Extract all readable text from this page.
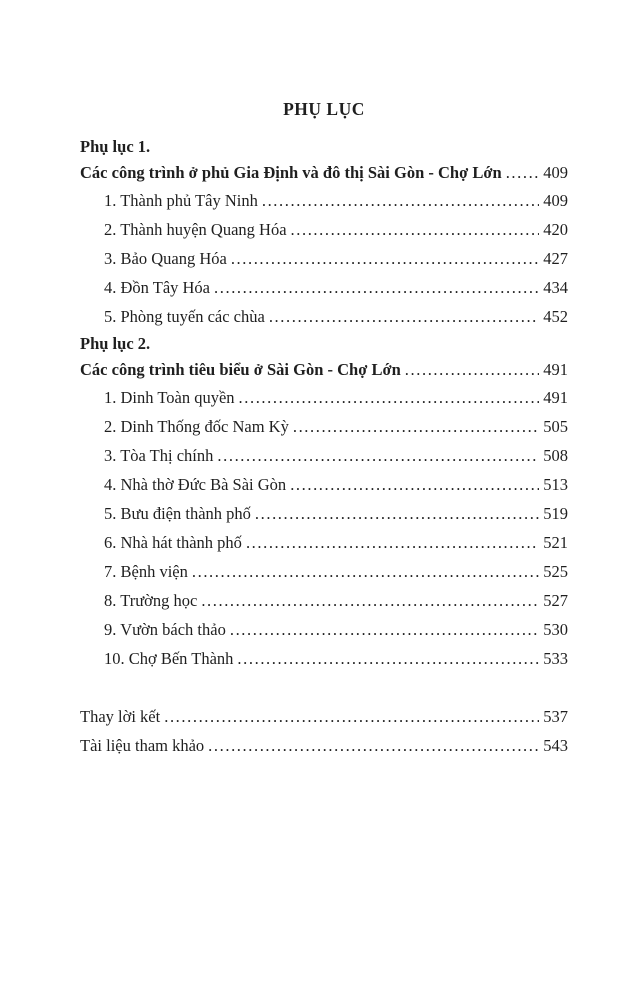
PHỤ LỤC
Phụ lục 1.
Các công trình ở phủ Gia Định và đô thị Sài Gòn - Chợ Lớn .....	409
1. Thành phủ Tây Ninh .....	409
2. Thành huyện Quang Hóa .....	420
3. Bảo Quang Hóa .....	427
4. Đồn Tây Hóa .....	434
5. Phòng tuyến các chùa .....	452
Phụ lục 2.
Các công trình tiêu biểu ở Sài Gòn - Chợ Lớn .....	491
1. Dinh Toàn quyền .....	491
2. Dinh Thống đốc Nam Kỳ .....	505
3. Tòa Thị chính .....	508
4. Nhà thờ Đức Bà Sài Gòn .....	513
5. Bưu điện thành phố .....	519
6. Nhà hát thành phố .....	521
7. Bệnh viện .....	525
8. Trường học .....	527
9. Vườn bách thảo .....	530
10. Chợ Bến Thành .....	533
Thay lời kết .....	537
Tài liệu tham khảo .....	543
